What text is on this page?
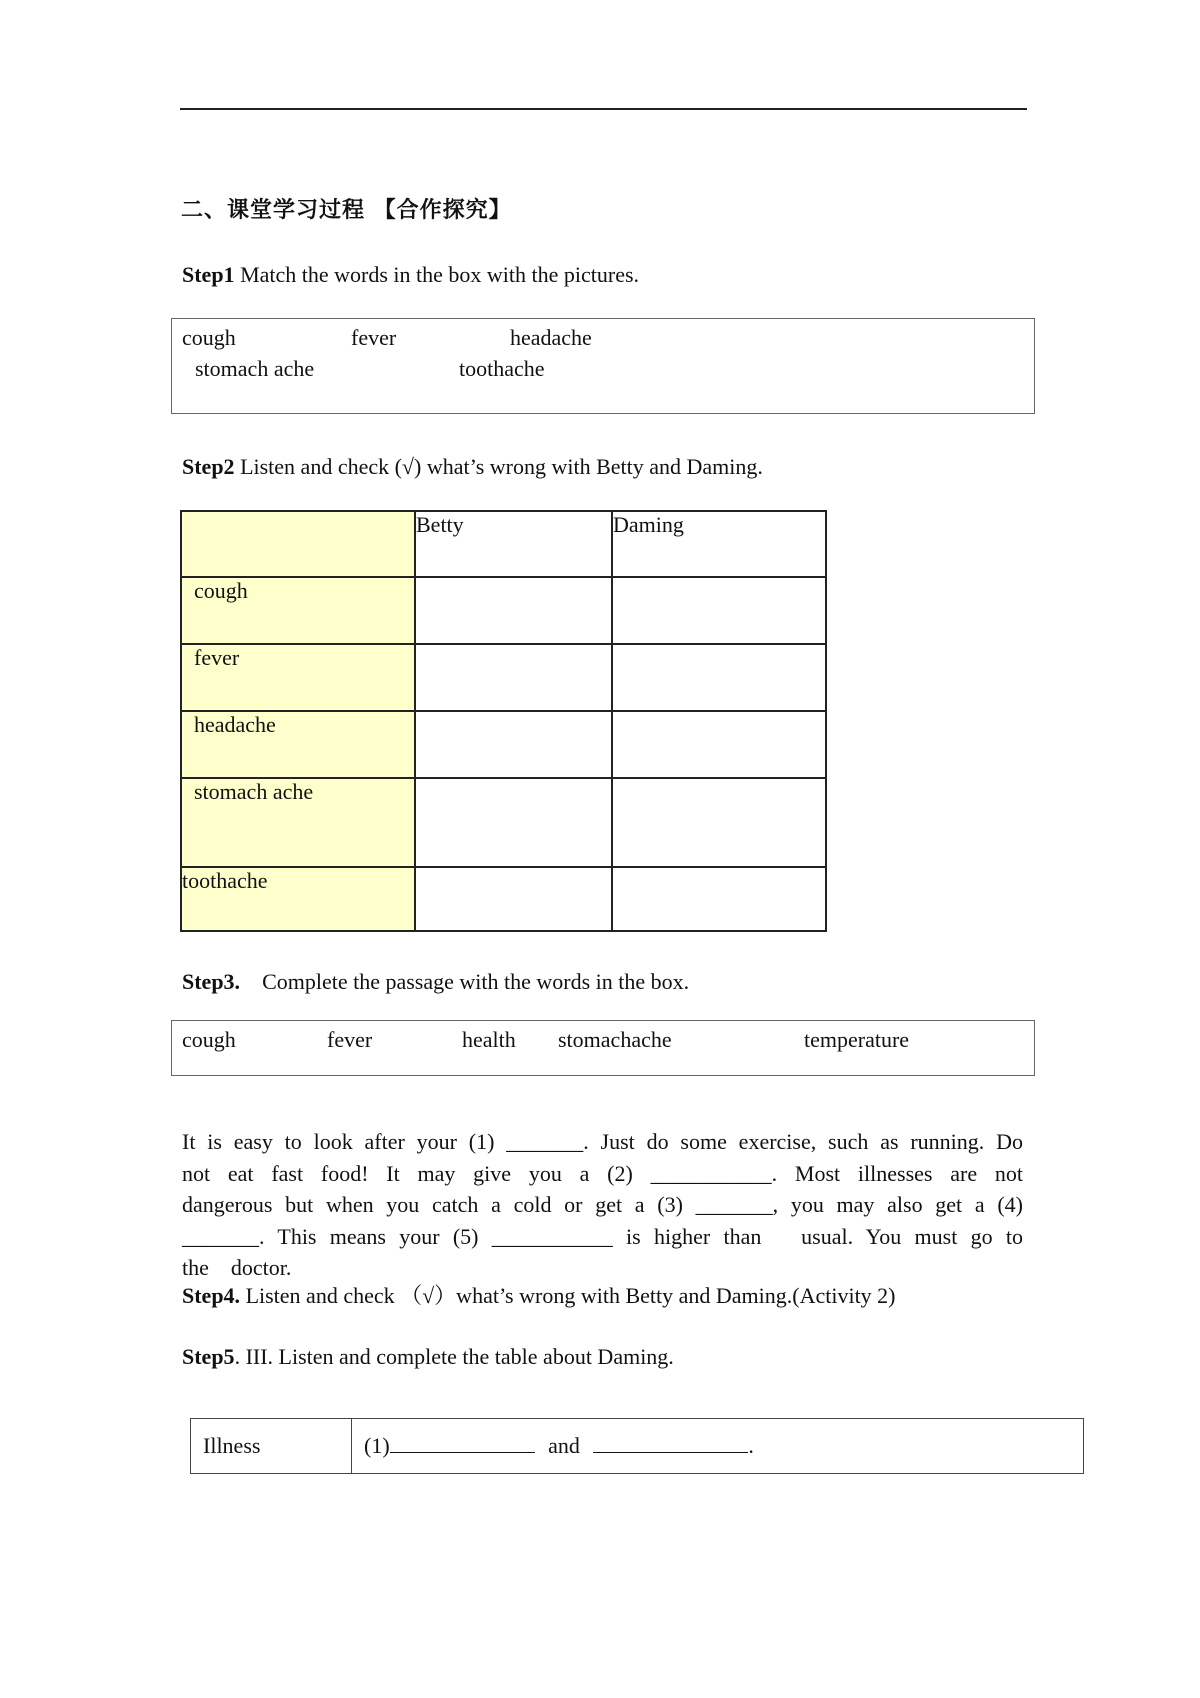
二、课堂学习过程 【合作探究】
Step1 Match the words in the box with the pictures.
cough	fever	headache
stomach ache	toothache
Step2 Listen and check (√) what’s wrong with Betty and Daming.
	Betty	Daming
cough		
fever		
headache		
stomach ache		
toothache		
Step3.    Complete the passage with the words in the box.
cough	fever	health stomachache	temperature

It is easy to look after your (1) _______. Just do some exercise, such as running. Do

not eat fast food! It may give you a (2) ___________. Most illnesses are not

dangerous but when you catch a cold or get a (3) _______, you may also get a (4)

_______. This means your (5) ___________ is higher than   usual. You must go to

the    doctor.

Step4. Listen and check （√）what’s wrong with Betty and Daming.(Activity 2)
Step5. III. Listen and complete the table about Daming.
Illness	(1)	and	.
